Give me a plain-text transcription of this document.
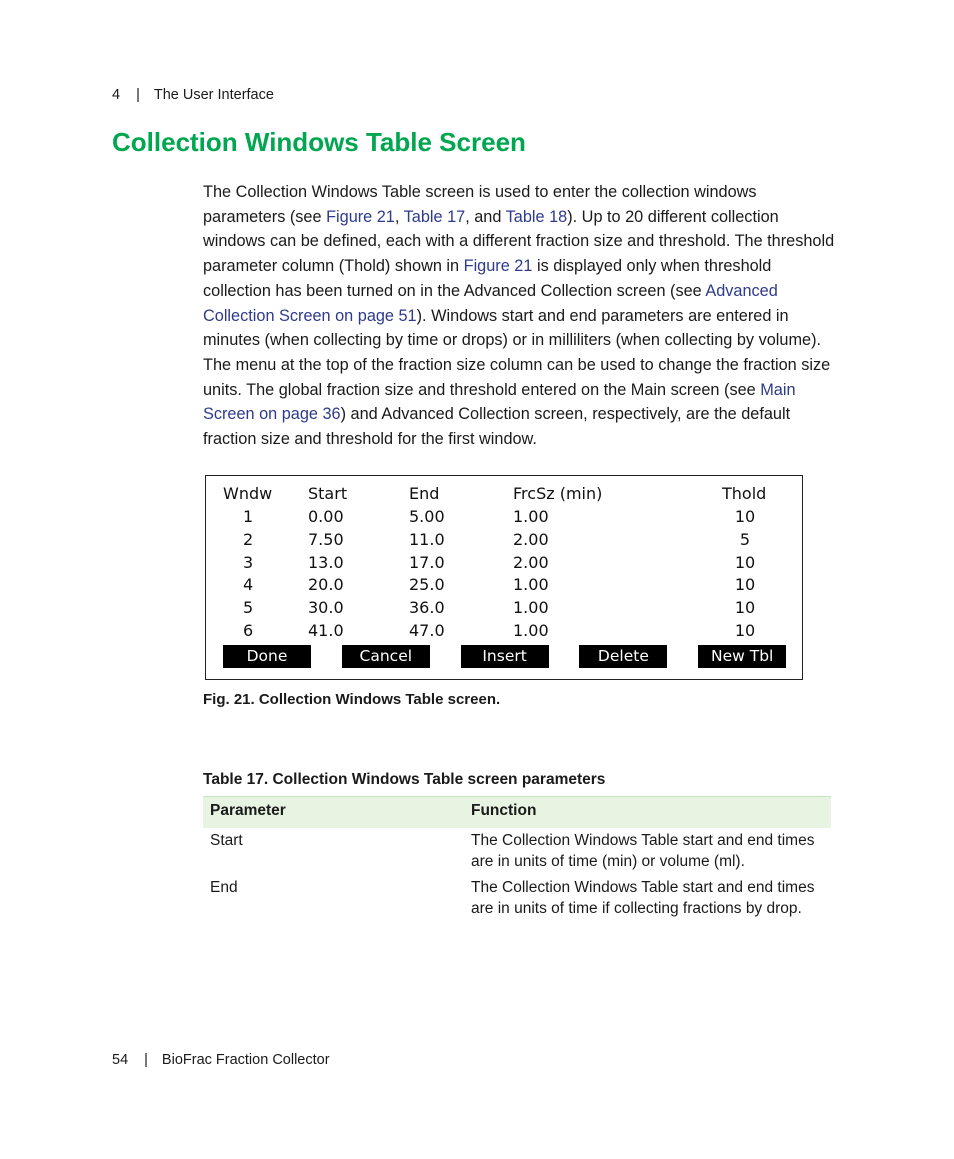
4 | The User Interface
Collection Windows Table Screen
The Collection Windows Table screen is used to enter the collection windows parameters (see Figure 21, Table 17, and Table 18). Up to 20 different collection windows can be defined, each with a different fraction size and threshold. The threshold parameter column (Thold) shown in Figure 21 is displayed only when threshold collection has been turned on in the Advanced Collection screen (see Advanced Collection Screen on page 51). Windows start and end parameters are entered in minutes (when collecting by time or drops) or in milliliters (when collecting by volume). The menu at the top of the fraction size column can be used to change the fraction size units. The global fraction size and threshold entered on the Main screen (see Main Screen on page 36) and Advanced Collection screen, respectively, are the default fraction size and threshold for the first window.
Wndw Start	End	FrcSz (min)	Thold
1	0.00	5.00	1.00	10
2	7.50	11.0	2.00	5
3	13.0	17.0	2.00	10
4	20.0	25.0	1.00	10
5	30.0	36.0	1.00	10
6	41.0	47.0	1.00	10
Done	Cancel	Insert	Delete	New Tbl
Fig. 21. Collection Windows Table screen.
Table 17. Collection Windows Table screen parameters
Parameter	Function
Start	The Collection Windows Table start and end times are in units of time (min) or volume (ml).
End	The Collection Windows Table start and end times are in units of time if collecting fractions by drop.
54 | BioFrac Fraction Collector
